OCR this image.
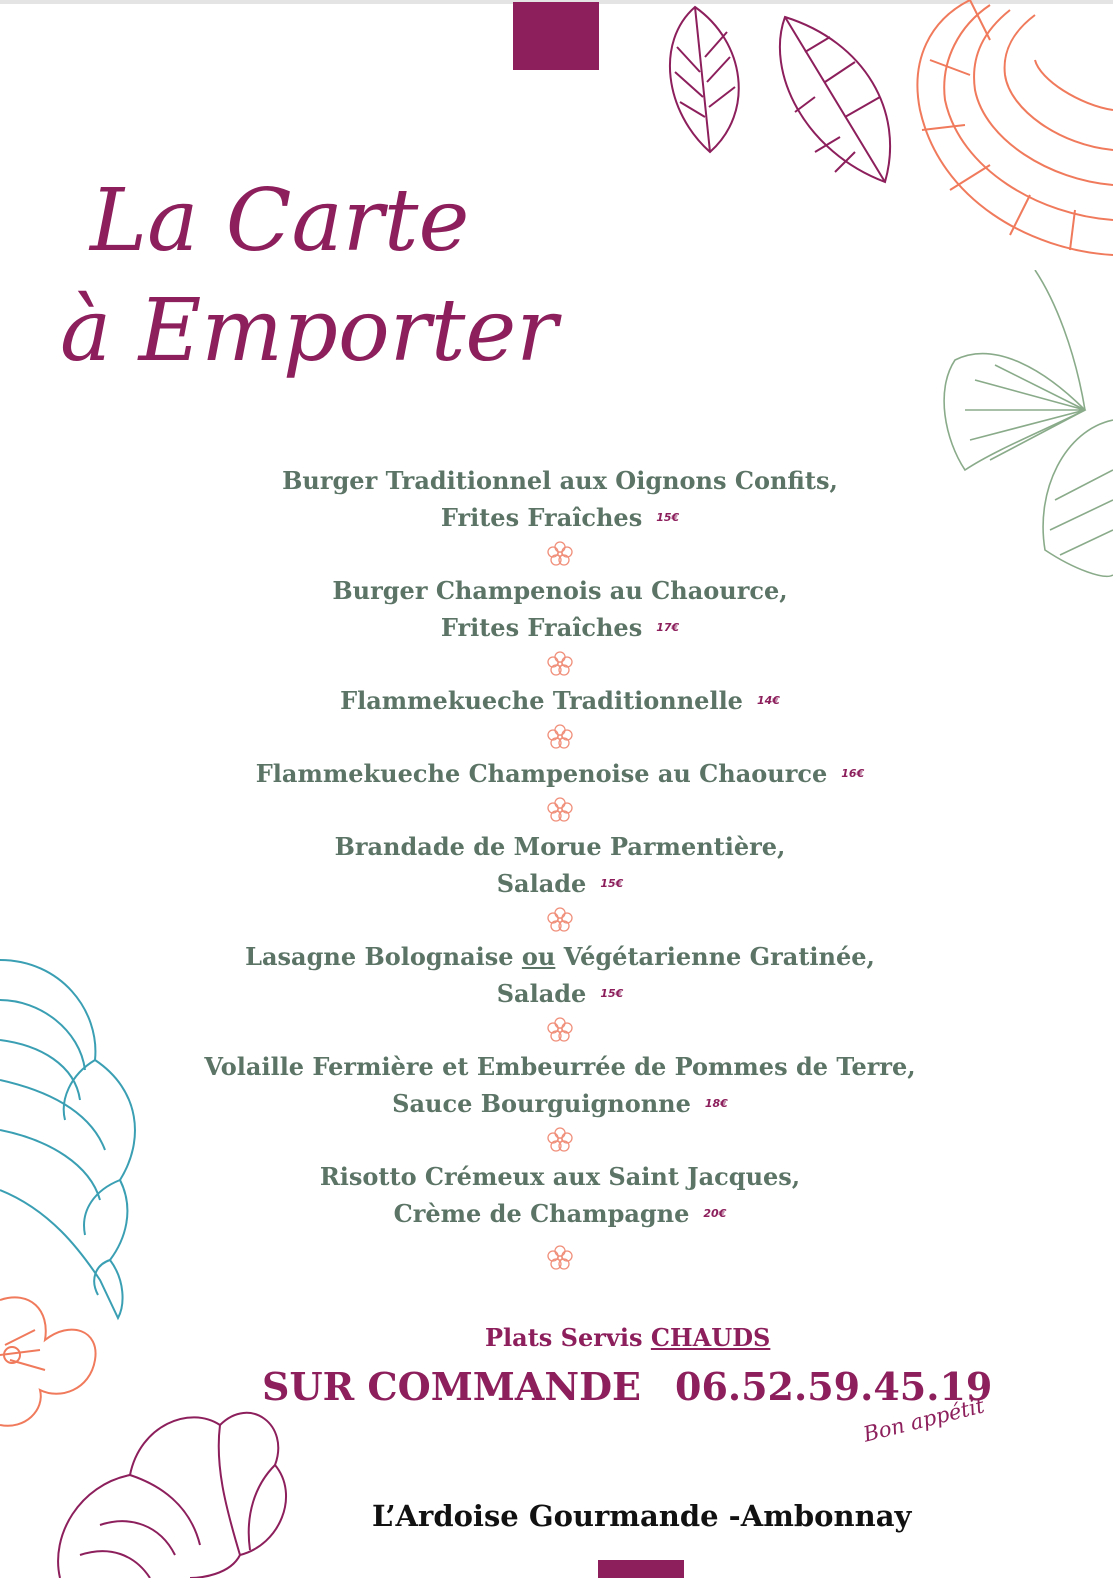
La Carte
à Emporter
Burger Traditionnel aux Oignons Confits,
Frites Fraîches $^{15€}$
Burger Champenois au Chaource,
Frites Fraîches $^{17€}$
Flammekueche Traditionnelle $^{14€}$
Flammekueche Champenoise au Chaource $^{16€}$
Brandade de Morue Parmentière,
Salade $^{15€}$
Lasagne Bolognaise ou Végétarienne Gratinée,
Salade $^{15€}$
Volaille Fermière et Embeurrée de Pommes de Terre,
Sauce Bourguignonne $^{18€}$
Risotto Crémeux aux Saint Jacques,
Crème de Champagne $^{20€}$
Plats Servis CHAUDS
SUR COMMANDE 06.52.59.45.19
Bon appétit
L’Ardoise Gourmande -Ambonnay
